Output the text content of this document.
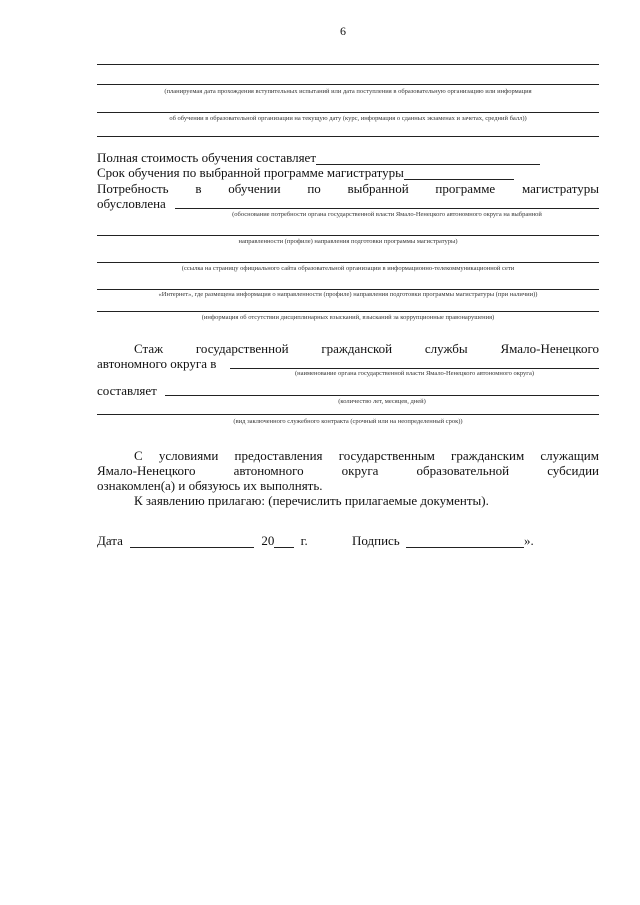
6
(планируемая дата прохождения вступительных испытаний или дата поступления в образовательную организацию или информация
об обучении в образовательной организации на текущую дату (курс, информация о сданных экзаменах и зачетах, средний балл))
Полная стоимость обучения составляет
Срок обучения по выбранной программе магистратуры
Потребность в обучении по выбранной программе магистратуры
обусловлена
(обоснование потребности органа государственной власти Ямало-Ненецкого автономного округа на выбранной
направленности (профиле) направления подготовки программы магистратуры)
(ссылка на страницу официального сайта образовательной организации в информационно-телекоммуникационной сети
«Интернет», где размещена информация о направленности (профиле) направления подготовки программы магистратуры (при наличии))
(информация об отсутствии дисциплинарных взысканий, взысканий за коррупционные правонарушения)
Стаж	государственной	гражданской	службы	Ямало-Ненецкого
автономного округа в
(наименование органа государственной власти Ямало-Ненецкого автономного округа)
составляет
(количество лет, месяцев, дней)
(вид заключенного служебного контракта (срочный или на неопределенный срок))
С условиями предоставления государственным гражданским служащим
Ямало-Ненецкого	автономного	округа	образовательной	субсидии
ознакомлен(а) и обязуюсь их выполнять.
К заявлению прилагаю: (перечислить прилагаемые документы).
Дата	20 г.	Подпись	».
